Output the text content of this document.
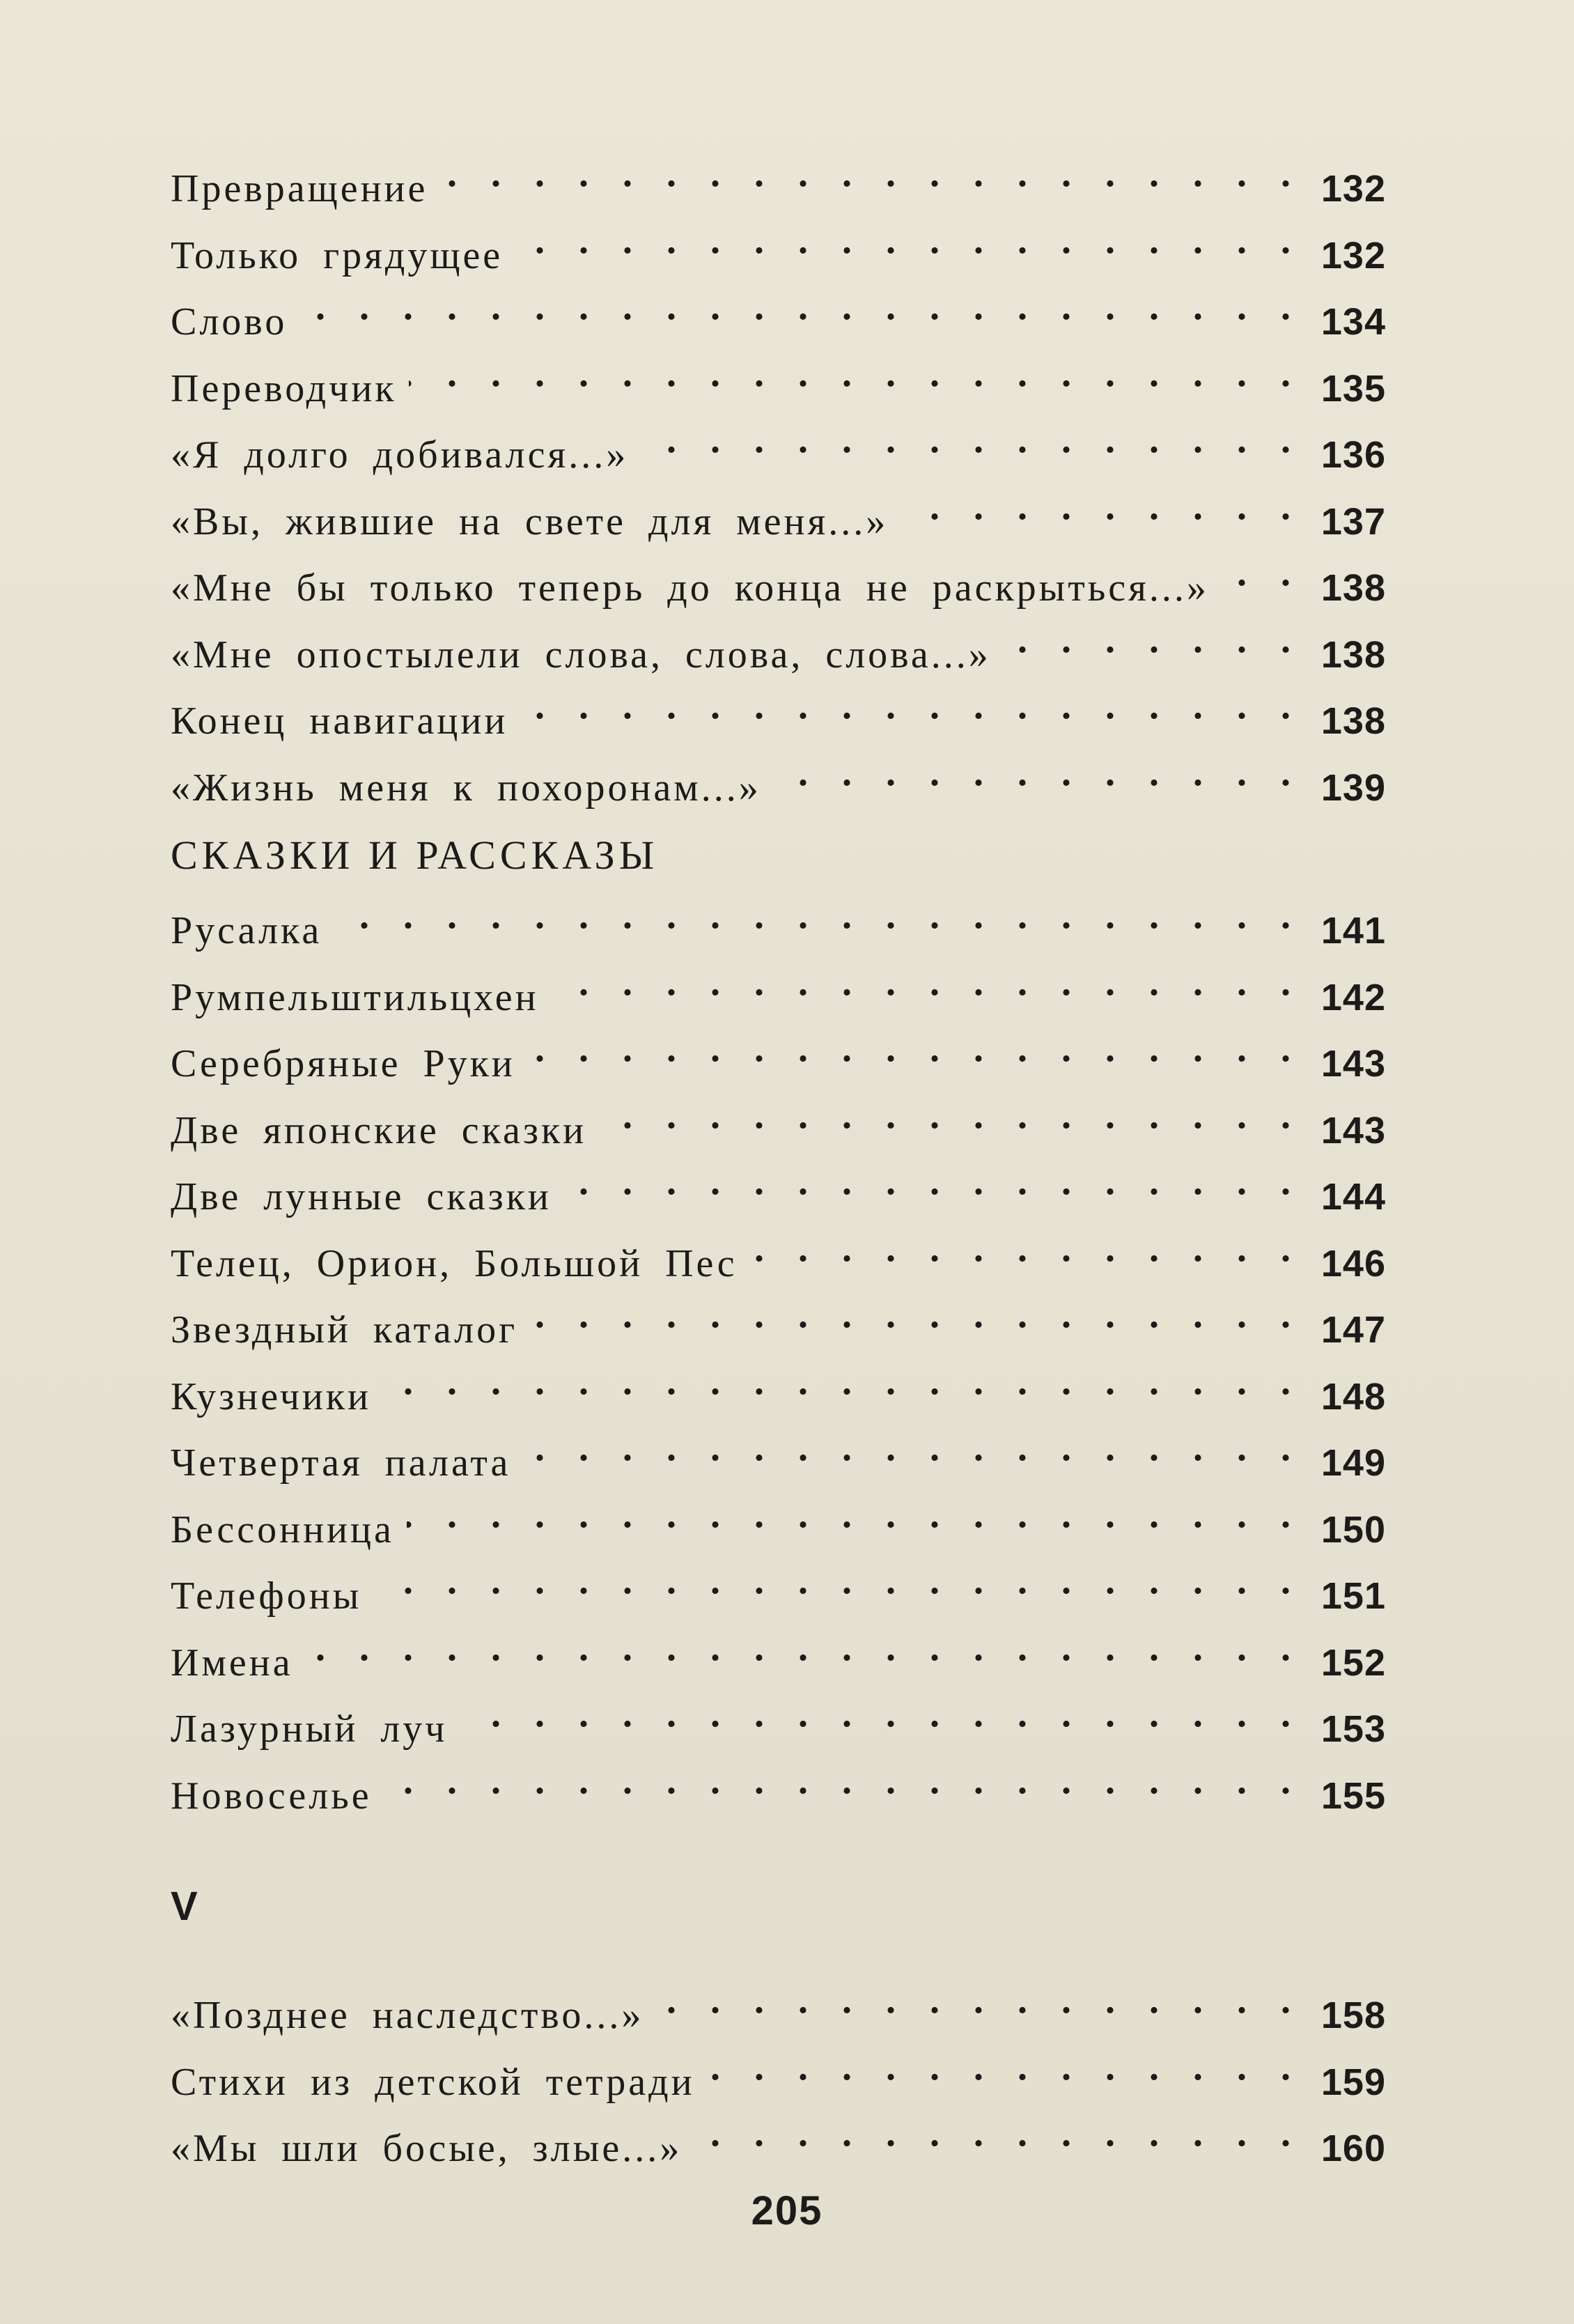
Превращение . . .	132
Только грядущее . . .	132
Слово . . .	134
Переводчик . . .	135
«Я долго добивался...» . . .	136
«Вы, жившие на свете для меня...» . . .	137
«Мне бы только теперь до конца не раскрыться...» . . .	138
«Мне опостылели слова, слова, слова...» . . .	138
Конец навигации . . .	138
«Жизнь меня к похоронам...» . . .	139
СКАЗКИ И РАССКАЗЫ
Русалка . . .	141
Румпельштильцхен . . .	142
Серебряные Руки . . .	143
Две японские сказки . . .	143
Две лунные сказки . . .	144
Телец, Орион, Большой Пес . . .	146
Звездный каталог . . .	147
Кузнечики . . .	148
Четвертая палата . . .	149
Бессонница . . .	150
Телефоны . . .	151
Имена . . .	152
Лазурный луч . . .	153
Новоселье . . .	155
V
«Позднее наследство...» . . .	158
Стихи из детской тетради . . .	159
«Мы шли босые, злые...» . . .	160
205
